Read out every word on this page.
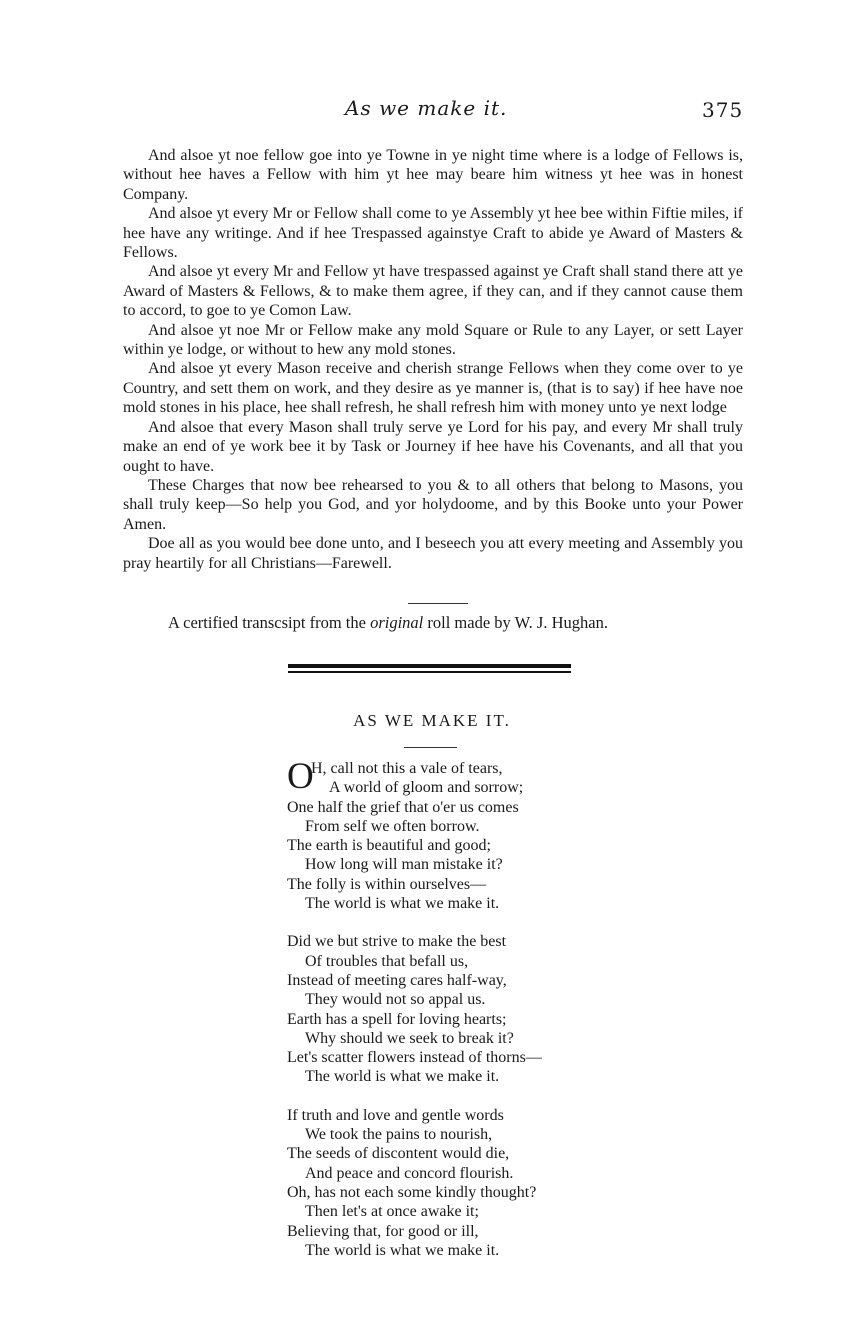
As we make it.	375

And alsoe yt noe fellow goe into ye Towne in ye night time where is a lodge of Fellows is, without hee haves a Fellow with him yt hee may beare him witness yt hee was in honest Company.

And alsoe yt every Mr or Fellow shall come to ye Assembly yt hee bee within Fiftie miles, if hee have any writinge. And if hee Trespassed againstye Craft to abide ye Award of Masters & Fellows.

And alsoe yt every Mr and Fellow yt have trespassed against ye Craft shall stand there att ye Award of Masters & Fellows, & to make them agree, if they can, and if they cannot cause them to accord, to goe to ye Comon Law.

And alsoe yt noe Mr or Fellow make any mold Square or Rule to any Layer, or sett Layer within ye lodge, or without to hew any mold stones.

And alsoe yt every Mason receive and cherish strange Fellows when they come over to ye Country, and sett them on work, and they desire as ye manner is, (that is to say) if hee have noe mold stones in his place, hee shall refresh, he shall refresh him with money unto ye next lodge

And alsoe that every Mason shall truly serve ye Lord for his pay, and every Mr shall truly make an end of ye work bee it by Task or Journey if hee have his Covenants, and all that you ought to have.

These Charges that now bee rehearsed to you & to all others that belong to Masons, you shall truly keep—So help you God, and yor holydoome, and by this Booke unto your Power Amen.

Doe all as you would bee done unto, and I beseech you att every meeting and Assembly you pray heartily for all Christians—Farewell.

A certified transcsipt from the original roll made by W. J. Hughan.
AS WE MAKE IT.
O
H, call not this a vale of tears,
A world of gloom and sorrow;
One half the grief that o'er us comes
From self we often borrow.
The earth is beautiful and good;
How long will man mistake it?
The folly is within ourselves—
The world is what we make it.
Did we but strive to make the best
Of troubles that befall us,
Instead of meeting cares half-way,
They would not so appal us.
Earth has a spell for loving hearts;
Why should we seek to break it?
Let's scatter flowers instead of thorns—
The world is what we make it.
If truth and love and gentle words
We took the pains to nourish,
The seeds of discontent would die,
And peace and concord flourish.
Oh, has not each some kindly thought?
Then let's at once awake it;
Believing that, for good or ill,
The world is what we make it.
